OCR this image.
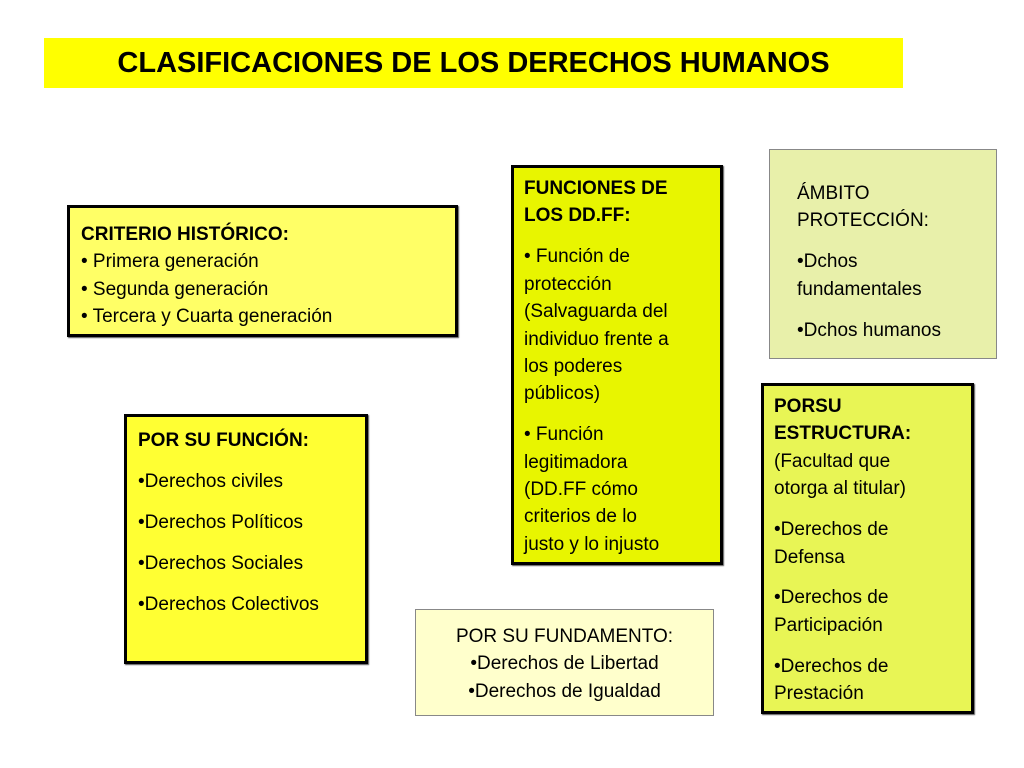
CLASIFICACIONES DE LOS DERECHOS HUMANOS
CRITERIO HISTÓRICO:
• Primera generación
• Segunda generación
• Tercera y Cuarta generación
FUNCIONES DE
LOS DD.FF:
• Función de
protección
(Salvaguarda del
individuo frente a
los poderes
públicos)
• Función
legitimadora
(DD.FF cómo
criterios de lo
justo y lo injusto
ÁMBITO
PROTECCIÓN:
•Dchos
fundamentales
•Dchos humanos
PORSU
ESTRUCTURA:
(Facultad que
otorga al titular)
•Derechos de
Defensa
•Derechos de
Participación
•Derechos de
Prestación
POR SU FUNCIÓN:
•Derechos civiles
•Derechos Políticos
•Derechos Sociales
•Derechos Colectivos
POR SU FUNDAMENTO:
•Derechos de Libertad
•Derechos de Igualdad
